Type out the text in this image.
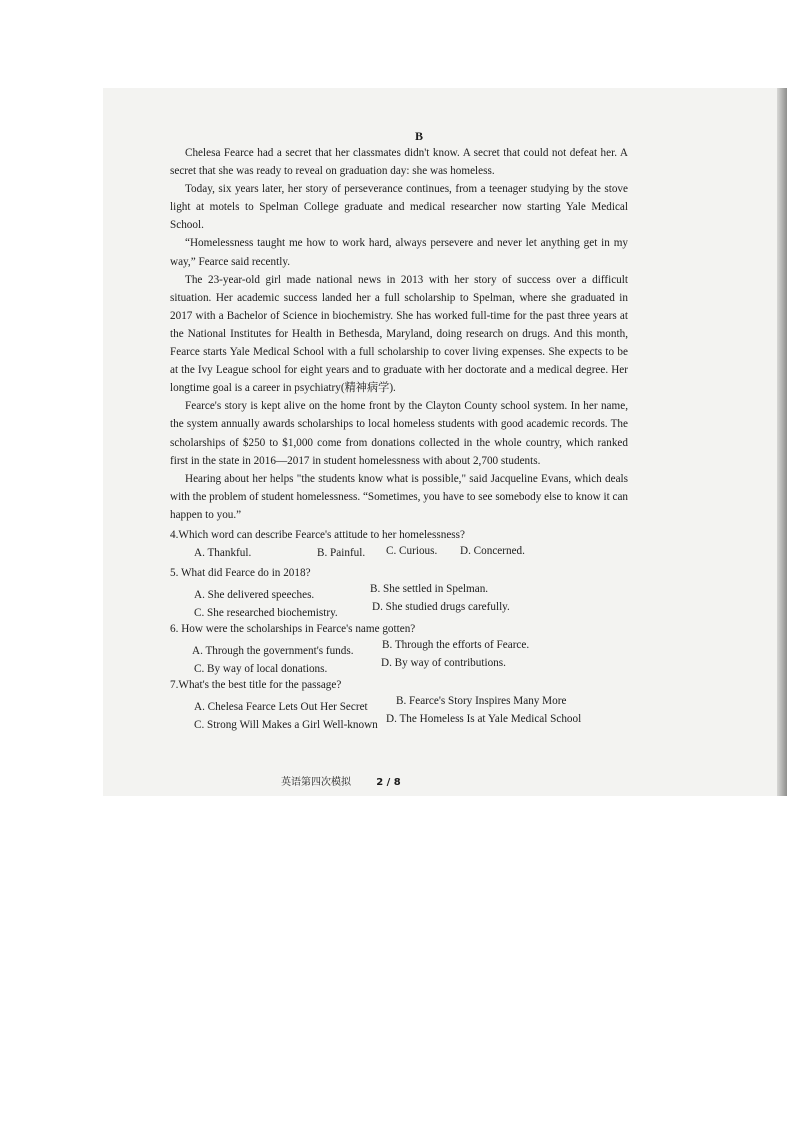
B

Chelesa Fearce had a secret that her classmates didn't know. A secret that could not defeat her. A secret that she was ready to reveal on graduation day: she was homeless.

Today, six years later, her story of perseverance continues, from a teenager studying by the stove light at motels to Spelman College graduate and medical researcher now starting Yale Medical School.

“Homelessness taught me how to work hard, always persevere and never let anything get in my way,” Fearce said recently.

The 23-year-old girl made national news in 2013 with her story of success over a difficult situation. Her academic success landed her a full scholarship to Spelman, where she graduated in 2017 with a Bachelor of Science in biochemistry. She has worked full-time for the past three years at the National Institutes for Health in Bethesda, Maryland, doing research on drugs. And this month, Fearce starts Yale Medical School with a full scholarship to cover living expenses. She expects to be at the Ivy League school for eight years and to graduate with her doctorate and a medical degree. Her longtime goal is a career in psychiatry(精神病学).

Fearce's story is kept alive on the home front by the Clayton County school system. In her name, the system annually awards scholarships to local homeless students with good academic records. The scholarships of $250 to $1,000 come from donations collected in the whole country, which ranked first in the state in 2016—2017 in student homelessness with about 2,700 students.

Hearing about her helps "the students know what is possible," said Jacqueline Evans, which deals with the problem of student homelessness. “Sometimes, you have to see somebody else to know it can happen to you.”

4.Which word can describe Fearce's attitude to her homelessness?
A. Thankful.	B. Painful. C. Curious. D. Concerned.
5. What did Fearce do in 2018?
A. She delivered speeches.	B. She settled in Spelman.
C. She researched biochemistry.	D. She studied drugs carefully.
6. How were the scholarships in Fearce's name gotten?
A. Through the government's funds.	B. Through the efforts of Fearce.
C. By way of local donations.	D. By way of contributions.
7.What's the best title for the passage?
A. Chelesa Fearce Lets Out Her Secret	B. Fearce's Story Inspires Many More
C. Strong Will Makes a Girl Well-known D. The Homeless Is at Yale Medical School
英语第四次模拟	2 / 8
